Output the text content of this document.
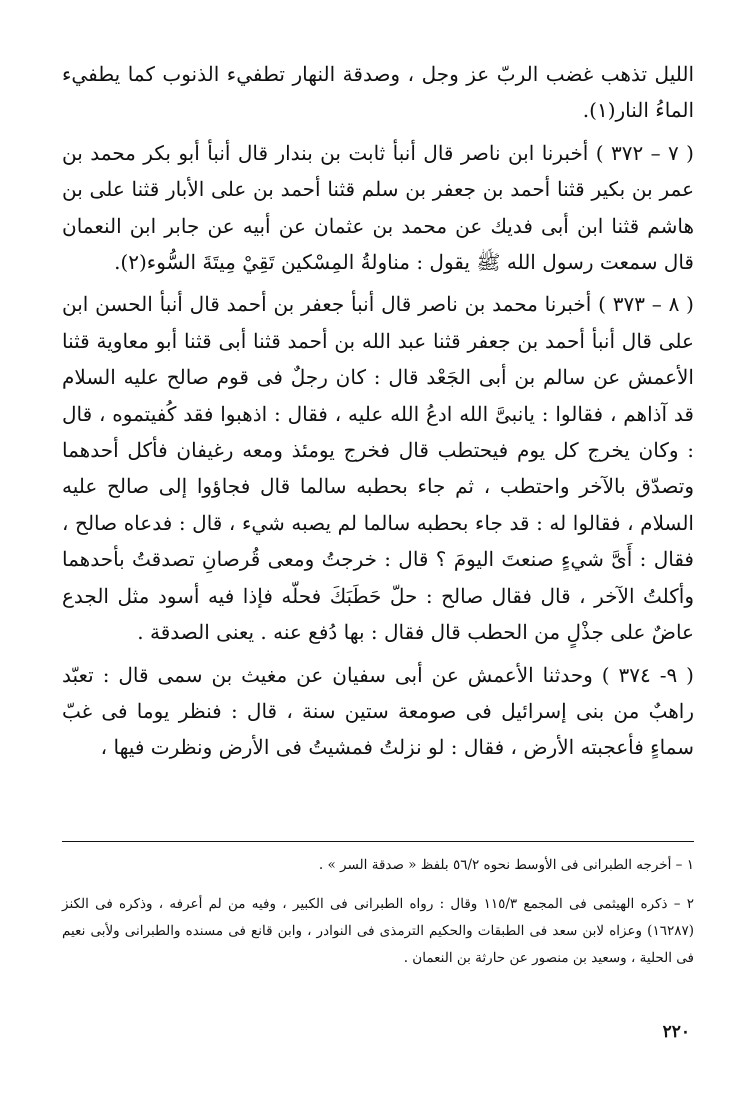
الليل تذهب غضب الربّ عز وجل ، وصدقة النهار تطفيء الذنوب كما يطفيء الماءُ النار(١).

( ٧ – ٣٧٢ ) أخبرنا ابن ناصر قال أنبأ ثابت بن بندار قال أنبأ أبو بكر محمد بن عمر بن بكير قثنا أحمد بن جعفر بن سلم قثنا أحمد بن على الأبار قثنا على بن هاشم قثنا ابن أبى فديك عن محمد بن عثمان عن أبيه عن جابر ابن النعمان قال سمعت رسول الله ﷺ يقول : مناولةُ المِسْكين تَقِيْ مِيتَةَ السُّوء(٢).

( ٨ – ٣٧٣ ) أخبرنا محمد بن ناصر قال أنبأ جعفر بن أحمد قال أنبأ الحسن ابن على قال أنبأ أحمد بن جعفر قثنا عبد الله بن أحمد قثنا أبى قثنا أبو معاوية قثنا الأعمش عن سالم بن أبى الجَعْد قال : كان رجلٌ فى قوم صالح عليه السلام قد آذاهم ، فقالوا : يانبىَّ الله ادعُ الله عليه ، فقال : اذهبوا فقد كُفيتموه ، قال : وكان يخرج كل يوم فيحتطب قال فخرج يومئذ ومعه رغيفان فأكل أحدهما وتصدّق بالآخر واحتطب ، ثم جاء بحطبه سالما قال فجاؤوا إلى صالح عليه السلام ، فقالوا له : قد جاء بحطبه سالما لم يصبه شيء ، قال : فدعاه صالح ، فقال : أَىَّ شيءٍ صنعتَ اليومَ ؟ قال : خرجتُ ومعى قُرصانِ تصدقتُ بأحدهما وأكلتُ الآخر ، قال فقال صالح : حلّ حَطَبَكَ فحلّه فإذا فيه أسود مثل الجدع عاضٌ على جذْلٍ من الحطب قال فقال : بها دُفع عنه . يعنى الصدقة .

( ٩- ٣٧٤ ) وحدثنا الأعمش عن أبى سفيان عن مغيث بن سمى قال : تعبّد راهبٌ من بنى إسرائيل فى صومعة ستين سنة ، قال : فنظر يوما فى غبّ سماءٍ فأعجبته الأرض ، فقال : لو نزلتُ فمشيتُ فى الأرض ونظرت فيها ،

١ – أخرجه الطبرانى فى الأوسط نحوه ٥٦/٢ بلفظ « صدقة السر » .

٢ – ذكره الهيثمى فى المجمع ١١٥/٣ وقال : رواه الطبرانى فى الكبير ، وفيه من لم أعرفه ، وذكره فى الكنز (١٦٢٨٧) وعزاه لابن سعد فى الطبقات والحكيم الترمذى فى النوادر ، وابن قانع فى مسنده والطبرانى ولأبى نعيم فى الحلية ، وسعيد بن منصور عن حارثة بن النعمان .

٢٢٠
